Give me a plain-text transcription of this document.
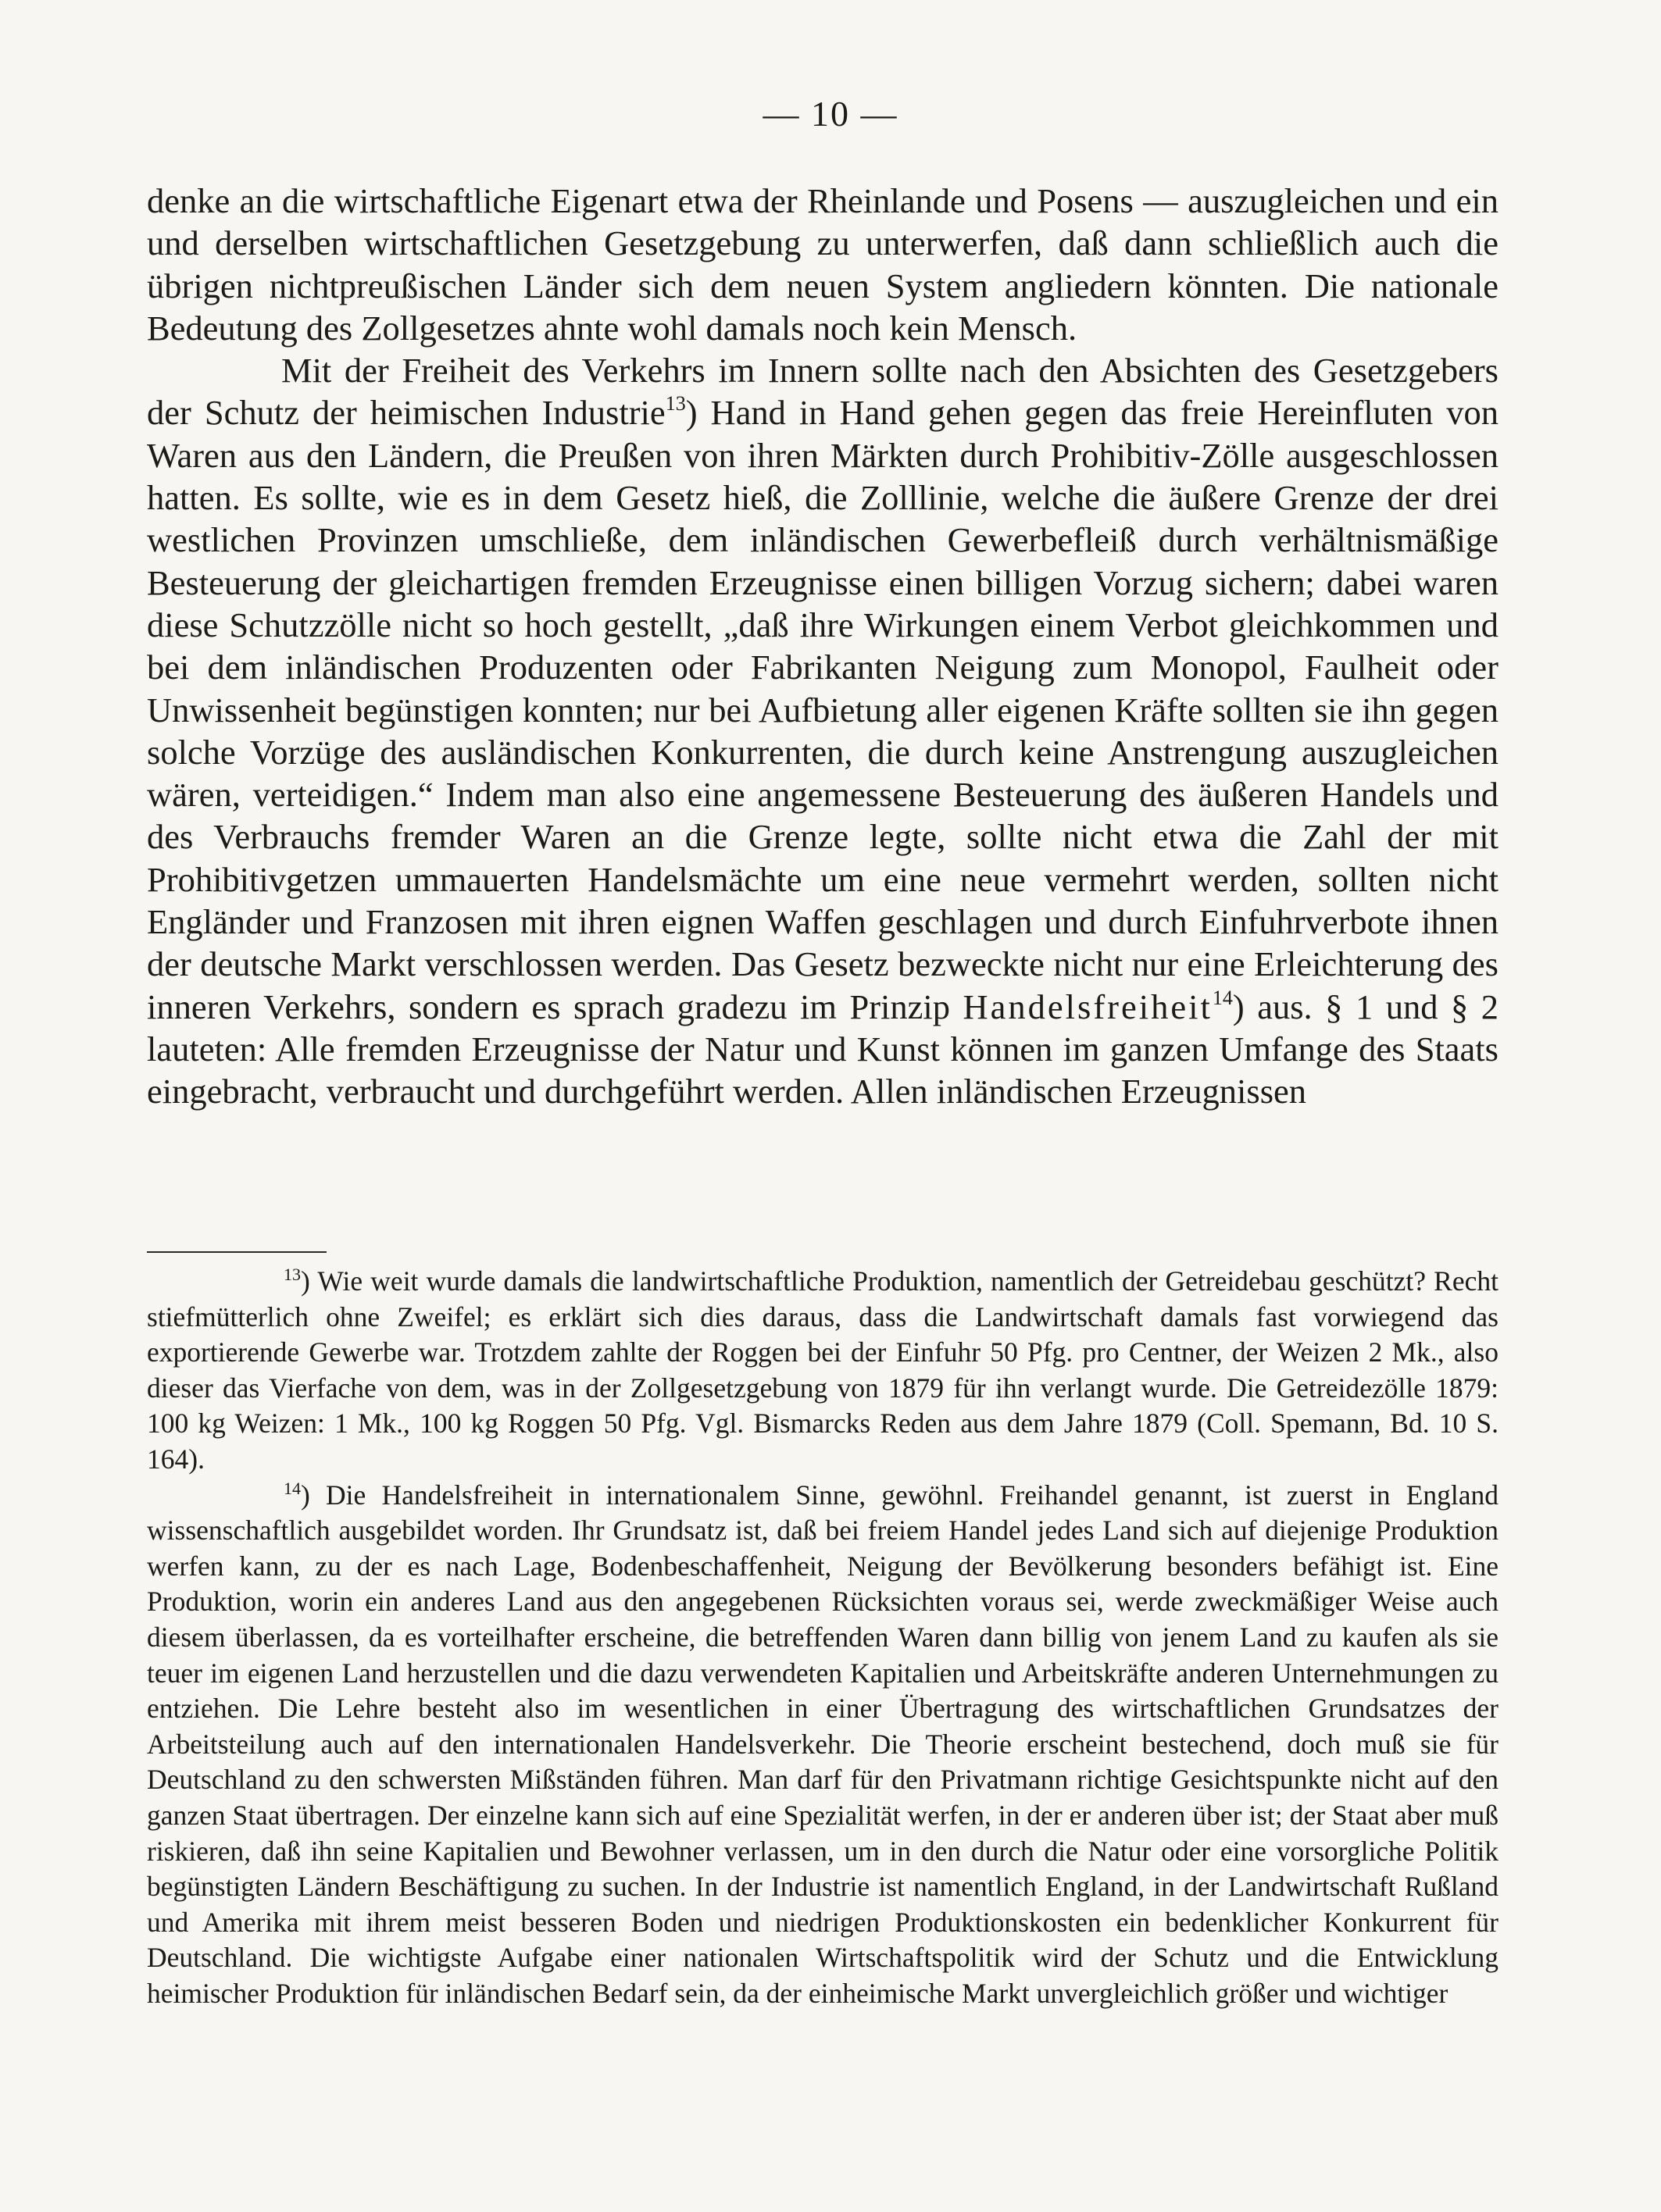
— 10 —

denke an die wirtschaftliche Eigenart etwa der Rheinlande und Posens — auszugleichen und ein und derselben wirtschaftlichen Gesetzgebung zu unterwerfen, daß dann schließlich auch die übrigen nichtpreußischen Länder sich dem neuen System angliedern könnten. Die nationale Bedeutung des Zollgesetzes ahnte wohl damals noch kein Mensch.

Mit der Freiheit des Verkehrs im Innern sollte nach den Absichten des Gesetzgebers der Schutz der heimischen Industrie$^{13}$) Hand in Hand gehen gegen das freie Hereinfluten von Waren aus den Ländern, die Preußen von ihren Märkten durch Prohibitiv-Zölle ausgeschlossen hatten. Es sollte, wie es in dem Gesetz hieß, die Zolllinie, welche die äußere Grenze der drei westlichen Provinzen umschließe, dem inländischen Gewerbefleiß durch verhältnismäßige Besteuerung der gleichartigen fremden Erzeugnisse einen billigen Vorzug sichern; dabei waren diese Schutzzölle nicht so hoch gestellt, „daß ihre Wirkungen einem Verbot gleichkommen und bei dem inländischen Produzenten oder Fabrikanten Neigung zum Monopol, Faulheit oder Unwissenheit begünstigen konnten; nur bei Aufbietung aller eigenen Kräfte sollten sie ihn gegen solche Vorzüge des ausländischen Konkurrenten, die durch keine Anstrengung auszugleichen wären, verteidigen.“ Indem man also eine angemessene Besteuerung des äußeren Handels und des Verbrauchs fremder Waren an die Grenze legte, sollte nicht etwa die Zahl der mit Prohibitivgetzen ummauerten Handelsmächte um eine neue vermehrt werden, sollten nicht Engländer und Franzosen mit ihren eignen Waffen geschlagen und durch Einfuhrverbote ihnen der deutsche Markt verschlossen werden. Das Gesetz bezweckte nicht nur eine Erleichterung des inneren Verkehrs, sondern es sprach gradezu im Prinzip Handelsfreiheit$^{14}$) aus. § 1 und § 2 lauteten: Alle fremden Erzeugnisse der Natur und Kunst können im ganzen Umfange des Staats eingebracht, verbraucht und durchgeführt werden. Allen inländischen Erzeugnissen

$^{13}$) Wie weit wurde damals die landwirtschaftliche Produktion, namentlich der Getreidebau geschützt? Recht stiefmütterlich ohne Zweifel; es erklärt sich dies daraus, dass die Landwirtschaft damals fast vorwiegend das exportierende Gewerbe war. Trotzdem zahlte der Roggen bei der Einfuhr 50 Pfg. pro Centner, der Weizen 2 Mk., also dieser das Vierfache von dem, was in der Zollgesetzgebung von 1879 für ihn verlangt wurde. Die Getreidezölle 1879: 100 kg Weizen: 1 Mk., 100 kg Roggen 50 Pfg. Vgl. Bismarcks Reden aus dem Jahre 1879 (Coll. Spemann, Bd. 10 S. 164).

$^{14}$) Die Handelsfreiheit in internationalem Sinne, gewöhnl. Freihandel genannt, ist zuerst in England wissenschaftlich ausgebildet worden. Ihr Grundsatz ist, daß bei freiem Handel jedes Land sich auf diejenige Produktion werfen kann, zu der es nach Lage, Bodenbeschaffenheit, Neigung der Bevölkerung besonders befähigt ist. Eine Produktion, worin ein anderes Land aus den angegebenen Rücksichten voraus sei, werde zweckmäßiger Weise auch diesem überlassen, da es vorteilhafter erscheine, die betreffenden Waren dann billig von jenem Land zu kaufen als sie teuer im eigenen Land herzustellen und die dazu verwendeten Kapitalien und Arbeitskräfte anderen Unternehmungen zu entziehen. Die Lehre besteht also im wesentlichen in einer Übertragung des wirtschaftlichen Grundsatzes der Arbeitsteilung auch auf den internationalen Handelsverkehr. Die Theorie erscheint bestechend, doch muß sie für Deutschland zu den schwersten Mißständen führen. Man darf für den Privatmann richtige Gesichtspunkte nicht auf den ganzen Staat übertragen. Der einzelne kann sich auf eine Spezialität werfen, in der er anderen über ist; der Staat aber muß riskieren, daß ihn seine Kapitalien und Bewohner verlassen, um in den durch die Natur oder eine vorsorgliche Politik begünstigten Ländern Beschäftigung zu suchen. In der Industrie ist namentlich England, in der Landwirtschaft Rußland und Amerika mit ihrem meist besseren Boden und niedrigen Produktionskosten ein bedenklicher Konkurrent für Deutschland. Die wichtigste Aufgabe einer nationalen Wirtschaftspolitik wird der Schutz und die Entwicklung heimischer Produktion für inländischen Bedarf sein, da der einheimische Markt unvergleichlich größer und wichtiger
